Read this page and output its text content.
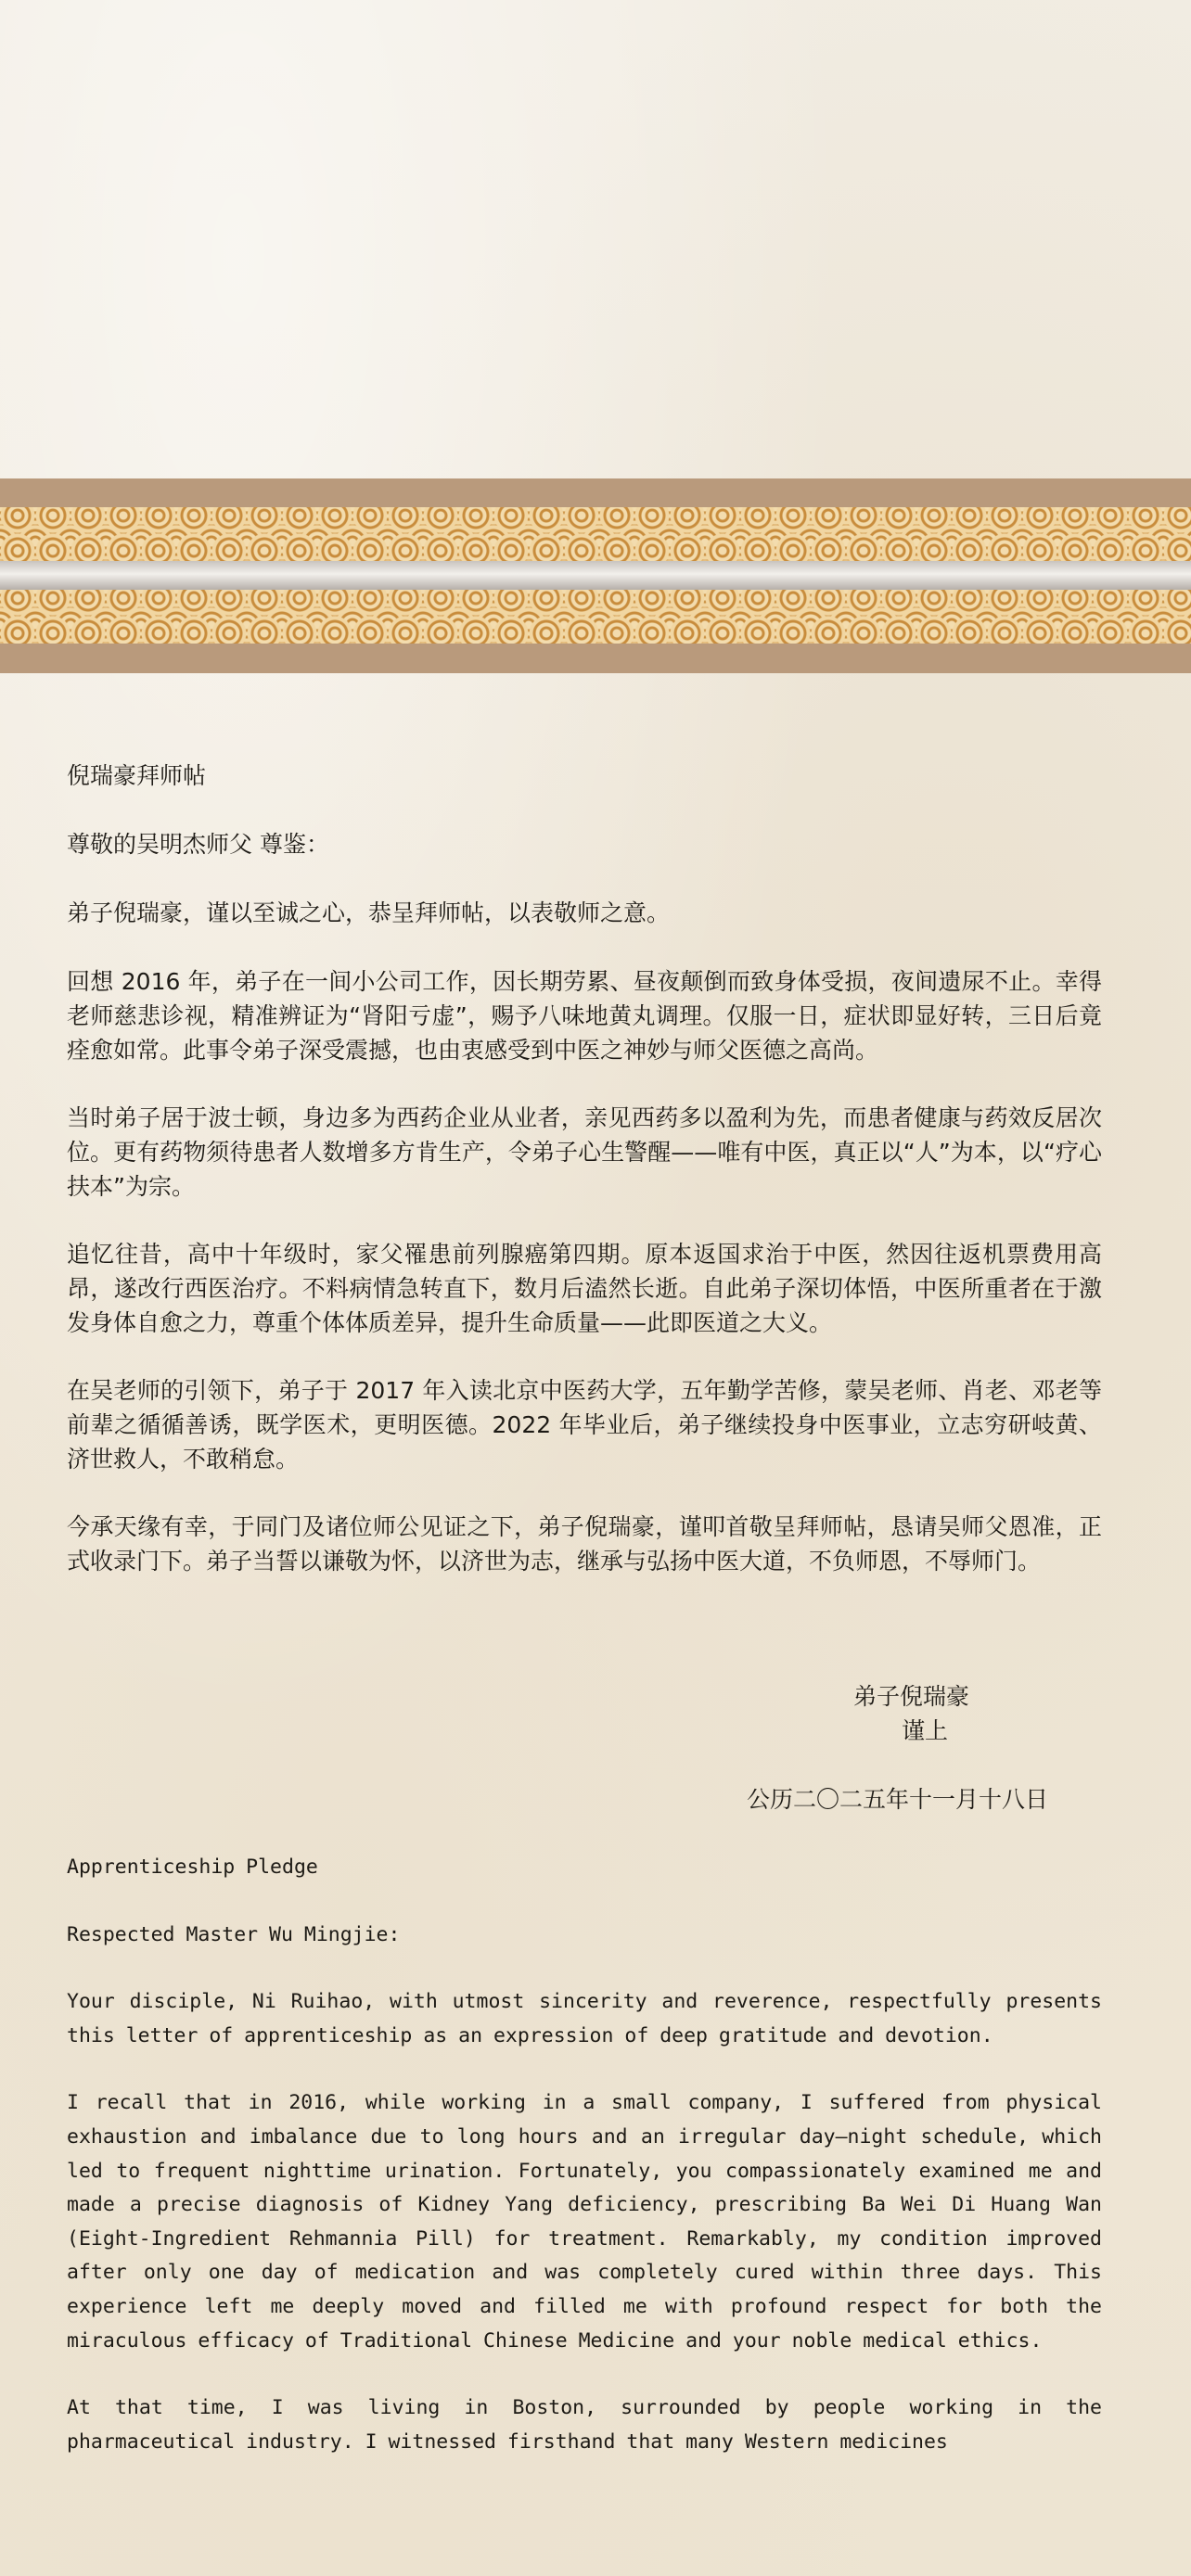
倪瑞豪拜师帖

尊敬的吴明杰师父 尊鉴：

弟子倪瑞豪，谨以至诚之心，恭呈拜师帖，以表敬师之意。

回想 2016 年，弟子在一间小公司工作，因长期劳累、昼夜颠倒而致身体受损，夜间遗尿不止。幸得老师慈悲诊视，精准辨证为“肾阳亏虚”，赐予八味地黄丸调理。仅服一日，症状即显好转，三日后竟痊愈如常。此事令弟子深受震撼，也由衷感受到中医之神妙与师父医德之高尚。

当时弟子居于波士顿，身边多为西药企业从业者，亲见西药多以盈利为先，而患者健康与药效反居次位。更有药物须待患者人数增多方肯生产，令弟子心生警醒——唯有中医，真正以“人”为本，以“疗心扶本”为宗。

追忆往昔，高中十年级时，家父罹患前列腺癌第四期。原本返国求治于中医，然因往返机票费用高昂，遂改行西医治疗。不料病情急转直下，数月后溘然长逝。自此弟子深切体悟，中医所重者在于激发身体自愈之力，尊重个体体质差异，提升生命质量——此即医道之大义。

在吴老师的引领下，弟子于 2017 年入读北京中医药大学，五年勤学苦修，蒙吴老师、肖老、邓老等前辈之循循善诱，既学医术，更明医德。2022 年毕业后，弟子继续投身中医事业，立志穷研岐黄、济世救人，不敢稍怠。

今承天缘有幸，于同门及诸位师公见证之下，弟子倪瑞豪，谨叩首敬呈拜师帖，恳请吴师父恩准，正式收录门下。弟子当誓以谦敬为怀，以济世为志，继承与弘扬中医大道，不负师恩，不辱师门。

弟子倪瑞豪
谨上
公历二〇二五年十一月十八日

Apprenticeship Pledge

Respected Master Wu Mingjie:

Your disciple, Ni Ruihao, with utmost sincerity and reverence, respectfully presents this letter of apprenticeship as an expression of deep gratitude and devotion.

I recall that in 2016, while working in a small company, I suffered from physical exhaustion and imbalance due to long hours and an irregular day–night schedule, which led to frequent nighttime urination. Fortunately, you compassionately examined me and made a precise diagnosis of Kidney Yang deficiency, prescribing Ba Wei Di Huang Wan (Eight-Ingredient Rehmannia Pill) for treatment. Remarkably, my condition improved after only one day of medication and was completely cured within three days. This experience left me deeply moved and filled me with profound respect for both the miraculous efficacy of Traditional Chinese Medicine and your noble medical ethics.

At that time, I was living in Boston, surrounded by people working in the pharmaceutical industry. I witnessed firsthand that many Western medicines
